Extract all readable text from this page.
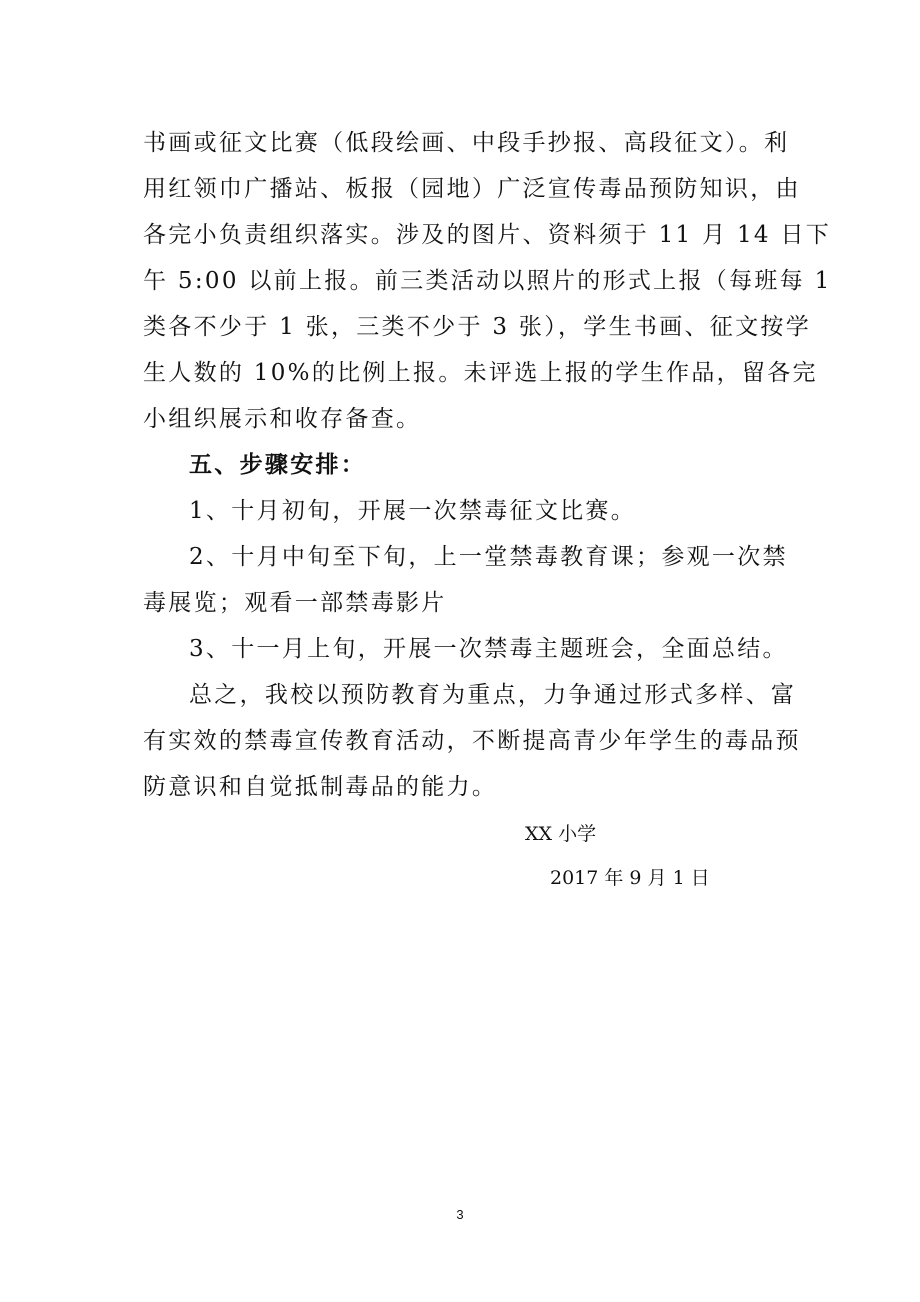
书画或征文比赛（低段绘画、中段手抄报、高段征文）。利
用红领巾广播站、板报（园地）广泛宣传毒品预防知识，由
各完小负责组织落实。涉及的图片、资料须于 11 月 14 日下
午 5:00 以前上报。前三类活动以照片的形式上报（每班每 1
类各不少于 1 张，三类不少于 3 张），学生书画、征文按学
生人数的 10%的比例上报。未评选上报的学生作品，留各完
小组织展示和收存备查。
五、步骤安排：
1、十月初旬，开展一次禁毒征文比赛。
2、十月中旬至下旬，上一堂禁毒教育课；参观一次禁
毒展览；观看一部禁毒影片
3、十一月上旬，开展一次禁毒主题班会，全面总结。
总之，我校以预防教育为重点，力争通过形式多样、富
有实效的禁毒宣传教育活动，不断提高青少年学生的毒品预
防意识和自觉抵制毒品的能力。
XX 小学
2017 年 9 月 1 日
3
